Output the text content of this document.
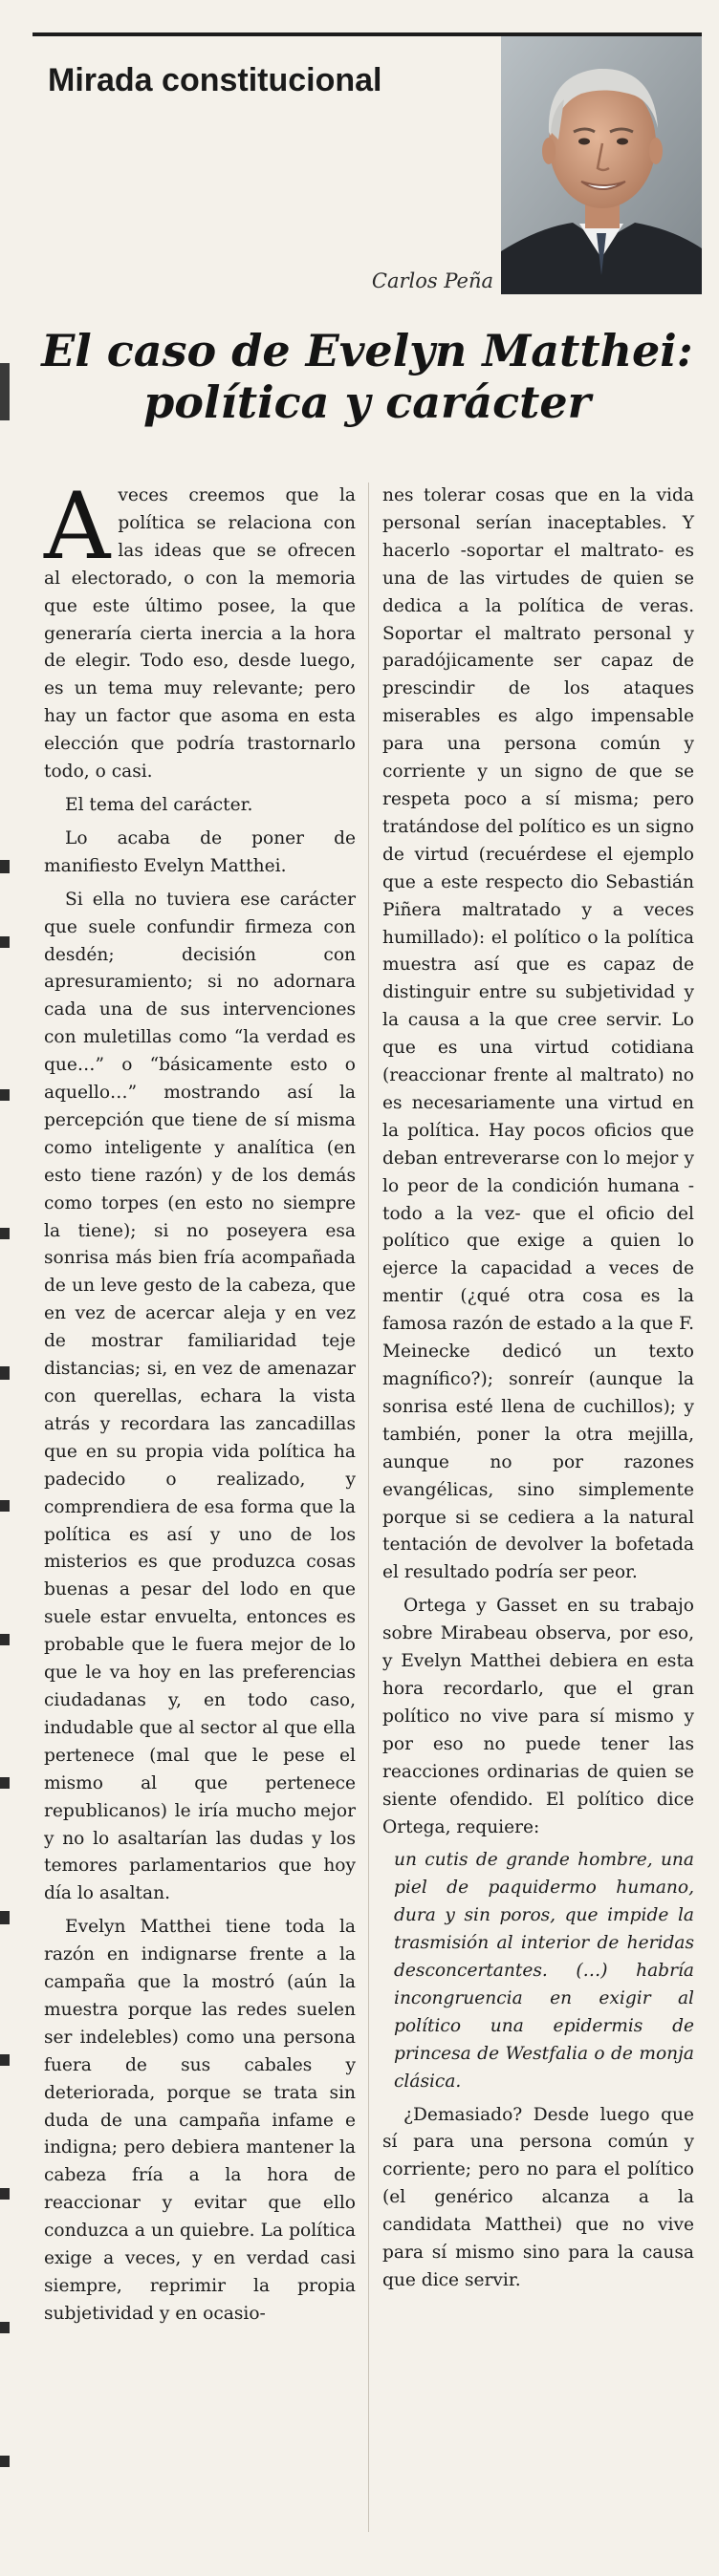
Mirada constitucional
Carlos Peña
El caso de Evelyn Matthei: política y carácter

Aveces creemos que la política se relaciona con las ideas que se ofrecen al electorado, o con la memoria que este último posee, la que generaría cierta inercia a la hora de elegir. Todo eso, desde luego, es un tema muy relevante; pero hay un factor que asoma en esta elección que podría trastornarlo todo, o casi.

El tema del carácter.

Lo acaba de poner de manifiesto Evelyn Matthei.

Si ella no tuviera ese carácter que suele confundir firmeza con desdén; decisión con apresuramiento; si no adornara cada una de sus intervenciones con muletillas como “la verdad es que…” o “básicamente esto o aquello…” mostrando así la percepción que tiene de sí misma como inteligente y analítica (en esto tiene razón) y de los demás como torpes (en esto no siempre la tiene); si no poseyera esa sonrisa más bien fría acompañada de un leve gesto de la cabeza, que en vez de acercar aleja y en vez de mostrar familiaridad teje distancias; si, en vez de amenazar con querellas, echara la vista atrás y recordara las zancadillas que en su propia vida política ha padecido o realizado, y comprendiera de esa forma que la política es así y uno de los misterios es que produzca cosas buenas a pesar del lodo en que suele estar envuelta, entonces es probable que le fuera mejor de lo que le va hoy en las preferencias ciudadanas y, en todo caso, indudable que al sector al que ella pertenece (mal que le pese el mismo al que pertenece republicanos) le iría mucho mejor y no lo asaltarían las dudas y los temores parlamentarios que hoy día lo asaltan.

Evelyn Matthei tiene toda la razón en indignarse frente a la campaña que la mostró (aún la muestra porque las redes suelen ser indelebles) como una persona fuera de sus cabales y deteriorada, porque se trata sin duda de una campaña infame e indigna; pero debiera mantener la cabeza fría a la hora de reaccionar y evitar que ello conduzca a un quiebre. La política exige a veces, y en verdad casi siempre, reprimir la propia subjetividad y en ocasio-

nes tolerar cosas que en la vida personal serían inaceptables. Y hacerlo -soportar el maltrato- es una de las virtudes de quien se dedica a la política de veras. Soportar el maltrato personal y paradójicamente ser capaz de prescindir de los ataques miserables es algo impensable para una persona común y corriente y un signo de que se respeta poco a sí misma; pero tratándose del político es un signo de virtud (recuérdese el ejemplo que a este respecto dio Sebastián Piñera maltratado y a veces humillado): el político o la política muestra así que es capaz de distinguir entre su subjetividad y la causa a la que cree servir. Lo que es una virtud cotidiana (reaccionar frente al maltrato) no es necesariamente una virtud en la política. Hay pocos oficios que deban entreverarse con lo mejor y lo peor de la condición humana -todo a la vez- que el oficio del político que exige a quien lo ejerce la capacidad a veces de mentir (¿qué otra cosa es la famosa razón de estado a la que F. Meinecke dedicó un texto magnífico?); sonreír (aunque la sonrisa esté llena de cuchillos); y también, poner la otra mejilla, aunque no por razones evangélicas, sino simplemente porque si se cediera a la natural tentación de devolver la bofetada el resultado podría ser peor.

Ortega y Gasset en su trabajo sobre Mirabeau observa, por eso, y Evelyn Matthei debiera en esta hora recordarlo, que el gran político no vive para sí mismo y por eso no puede tener las reacciones ordinarias de quien se siente ofendido. El político dice Ortega, requiere:

un cutis de grande hombre, una piel de paquidermo humano, dura y sin poros, que impide la trasmisión al interior de heridas desconcertantes. (…) habría incongruencia en exigir al político una epidermis de princesa de Westfalia o de monja clásica.

¿Demasiado? Desde luego que sí para una persona común y corriente; pero no para el político (el genérico alcanza a la candidata Matthei) que no vive para sí mismo sino para la causa que dice servir.
